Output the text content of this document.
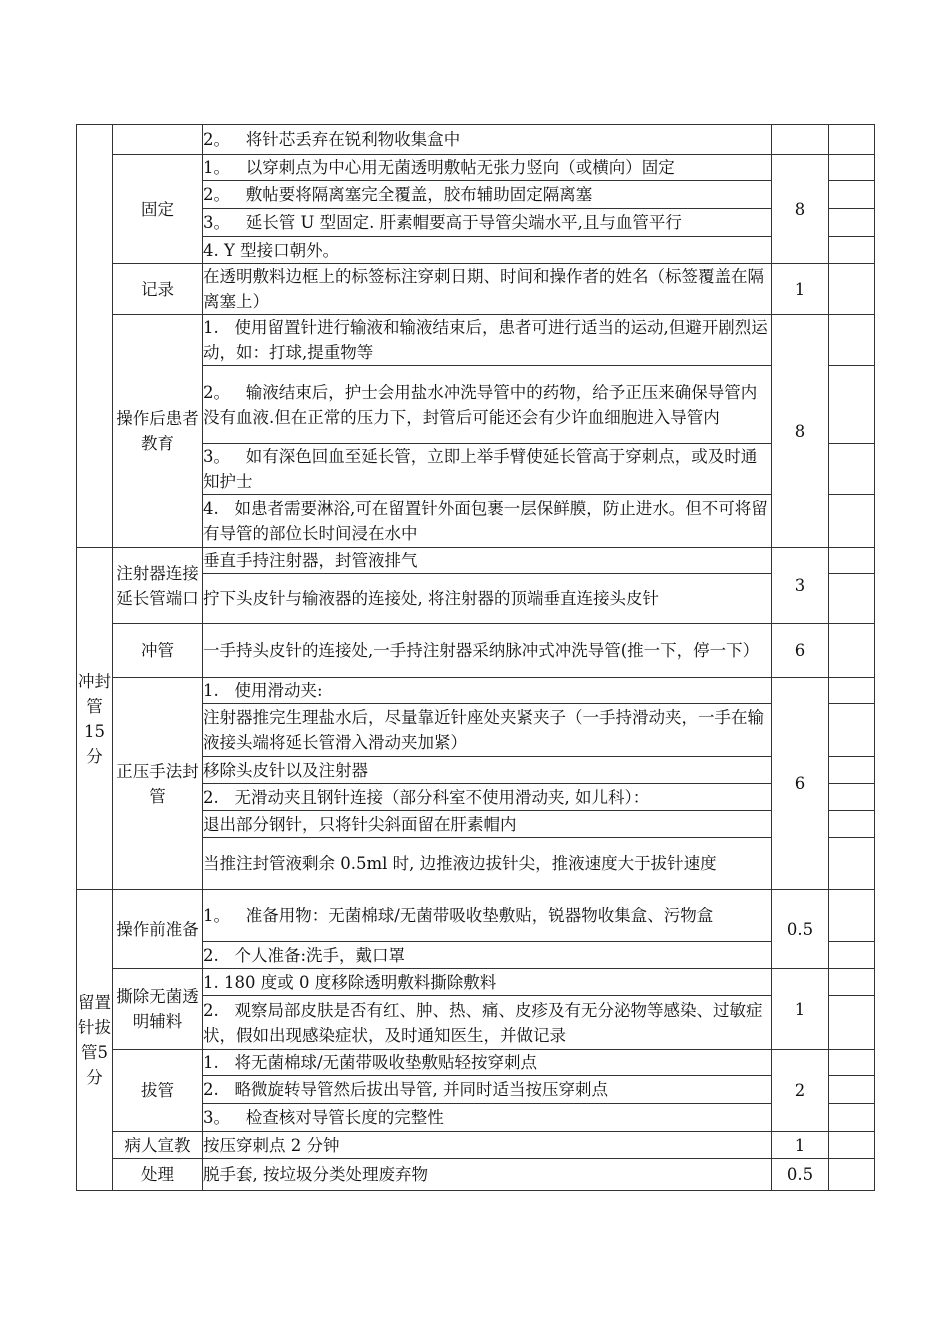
		2。   将针芯丢弃在锐利物收集盒中		
	固定	1。   以穿刺点为中心用无菌透明敷帖无张力竖向（或横向）固定	8	
		2。   敷帖要将隔离塞完全覆盖，胶布辅助固定隔离塞		
		3。   延长管 U 型固定. 肝素帽要高于导管尖端水平,且与血管平行		
		4. Y 型接口朝外。		
	记录	在透明敷料边框上的标签标注穿刺日期、时间和操作者的姓名（标签覆盖在隔离塞上）	1	
	操作后患者教育	1.   使用留置针进行输液和输液结束后，患者可进行适当的运动,但避开剧烈运动，如：打球,提重物等	8	
		2。   输液结束后，护士会用盐水冲洗导管中的药物，给予正压来确保导管内没有血液.但在正常的压力下，封管后可能还会有少许血细胞进入导管内		
		3。   如有深色回血至延长管，立即上举手臂使延长管高于穿刺点，或及时通知护士		
		4.   如患者需要淋浴,可在留置针外面包裹一层保鲜膜，防止进水。但不可将留有导管的部位长时间浸在水中		
冲封管15分	注射器连接延长管端口	垂直手持注射器，封管液排气	3	
		拧下头皮针与输液器的连接处, 将注射器的顶端垂直连接头皮针		
	冲管	一手持头皮针的连接处,一手持注射器采纳脉冲式冲洗导管(推一下，停一下）	6	
	正压手法封管	1.   使用滑动夹:	6	
		注射器推完生理盐水后，尽量靠近针座处夹紧夹子（一手持滑动夹，一手在输液接头端将延长管滑入滑动夹加紧）		
		移除头皮针以及注射器		
		2.   无滑动夹且钢针连接（部分科室不使用滑动夹, 如儿科）：		
		退出部分钢针，只将针尖斜面留在肝素帽内		
		当推注封管液剩余 0.5ml 时, 边推液边拔针尖，推液速度大于拔针速度		
留置针拔管5分	操作前准备	1。   准备用物：无菌棉球/无菌带吸收垫敷贴，锐器物收集盒、污物盒	0.5	
		2.   个人准备:洗手，戴口罩		
	撕除无菌透明辅料	1. 180 度或 0 度移除透明敷料撕除敷料	1	
		2.   观察局部皮肤是否有红、肿、热、痛、皮疹及有无分泌物等感染、过敏症状，假如出现感染症状，及时通知医生，并做记录		
	拔管	1.   将无菌棉球/无菌带吸收垫敷贴轻按穿刺点	2	
		2.   略微旋转导管然后拔出导管, 并同时适当按压穿刺点		
		3。   检查核对导管长度的完整性		
	病人宣教	按压穿刺点 2 分钟	1	
	处理	脱手套, 按垃圾分类处理废弃物	0.5	
